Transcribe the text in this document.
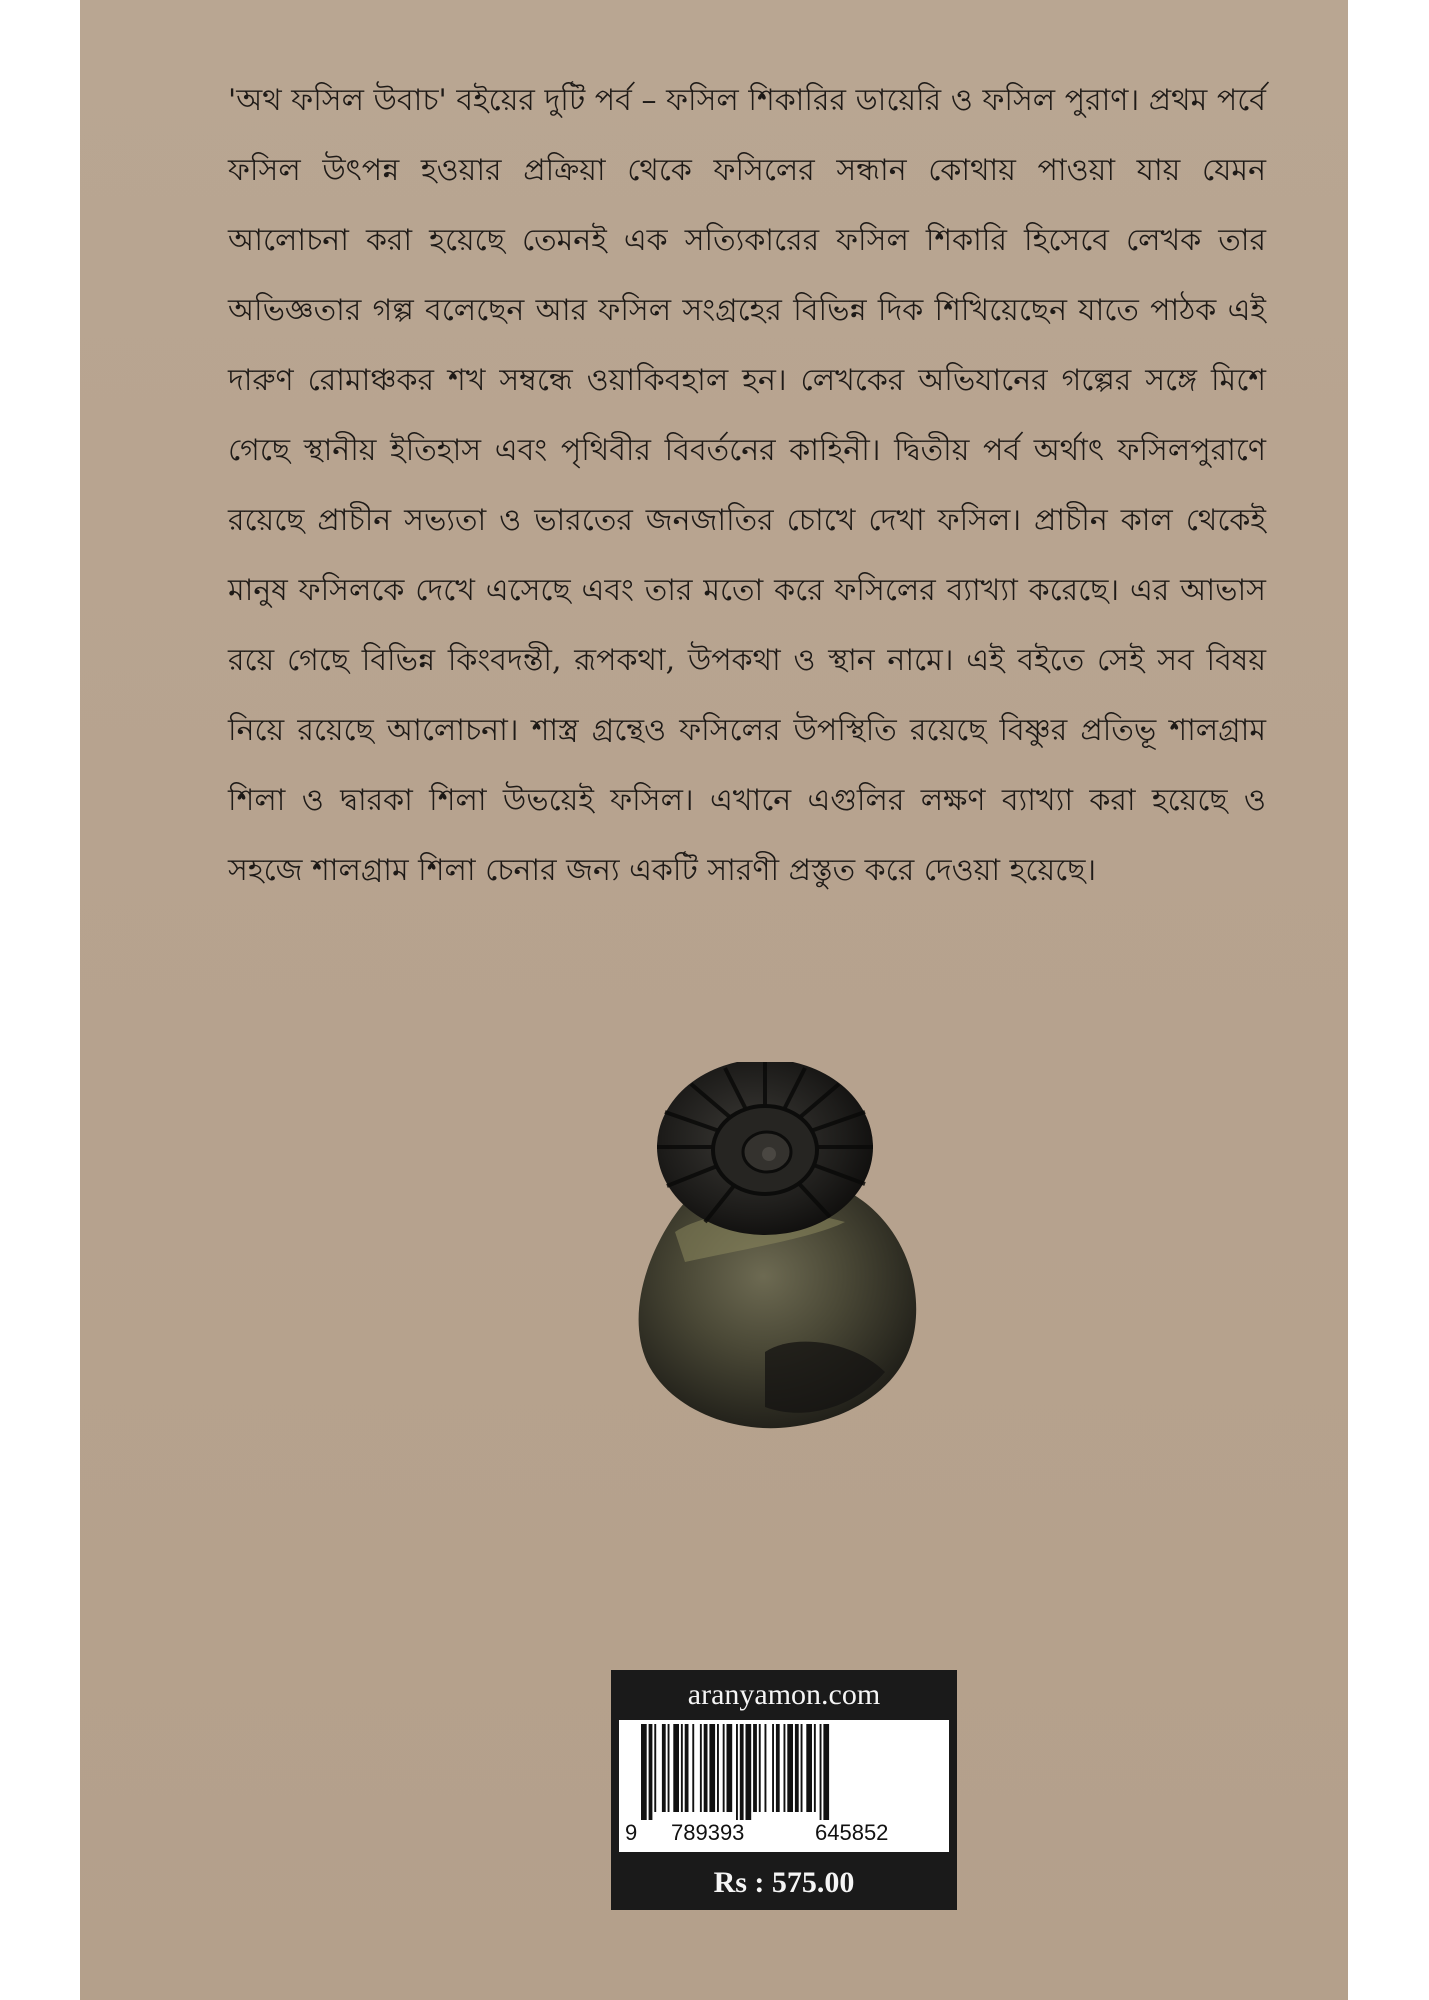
'অথ ফসিল উবাচ' বইয়ের দুটি পর্ব – ফসিল শিকারির ডায়েরি ও ফসিল পুরাণ। প্রথম পর্বে ফসিল উৎপন্ন হওয়ার প্রক্রিয়া থেকে ফসিলের সন্ধান কোথায় পাওয়া যায় যেমন আলোচনা করা হয়েছে তেমনই এক সত্যিকারের ফসিল শিকারি হিসেবে লেখক তার অভিজ্ঞতার গল্প বলেছেন আর ফসিল সংগ্রহের বিভিন্ন দিক শিখিয়েছেন যাতে পাঠক এই দারুণ রোমাঞ্চকর শখ সম্বন্ধে ওয়াকিবহাল হন। লেখকের অভিযানের গল্পের সঙ্গে মিশে গেছে স্থানীয় ইতিহাস এবং পৃথিবীর বিবর্তনের কাহিনী। দ্বিতীয় পর্ব অর্থাৎ ফসিলপুরাণে রয়েছে প্রাচীন সভ্যতা ও ভারতের জনজাতির চোখে দেখা ফসিল। প্রাচীন কাল থেকেই মানুষ ফসিলকে দেখে এসেছে এবং তার মতো করে ফসিলের ব্যাখ্যা করেছে। এর আভাস রয়ে গেছে বিভিন্ন কিংবদন্তী, রূপকথা, উপকথা ও স্থান নামে। এই বইতে সেই সব বিষয় নিয়ে রয়েছে আলোচনা। শাস্ত্র গ্রন্থেও ফসিলের উপস্থিতি রয়েছে বিষ্ণুর প্রতিভূ শালগ্রাম শিলা ও দ্বারকা শিলা উভয়েই ফসিল। এখানে এগুলির লক্ষণ ব্যাখ্যা করা হয়েছে ও সহজে শালগ্রাম শিলা চেনার জন্য একটি সারণী প্রস্তুত করে দেওয়া হয়েছে।

aranyamon.com
9 789393	645852
Rs : 575.00
